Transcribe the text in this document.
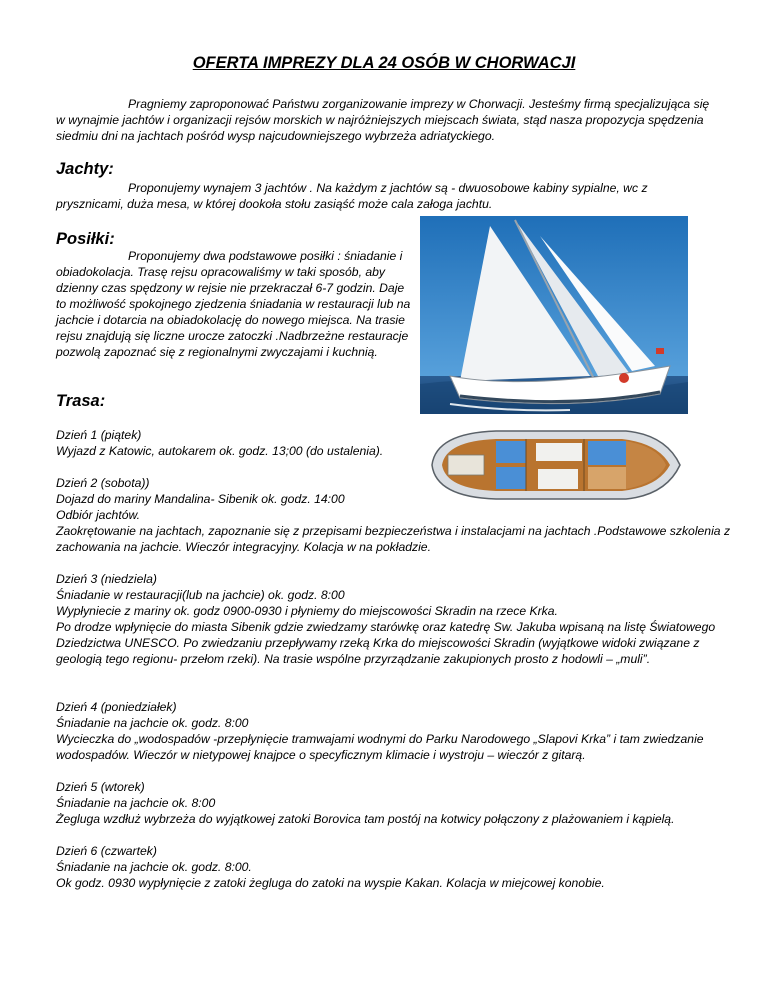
OFERTA IMPREZY DLA 24 OSÓB W CHORWACJI

Pragniemy zaproponować Państwu zorganizowanie imprezy w Chorwacji. Jesteśmy firmą specjalizująca się w wynajmie jachtów i organizacji rejsów morskich w najróżniejszych miejscach świata, stąd nasza propozycja spędzenia siedmiu dni na jachtach pośród wysp najcudowniejszego wybrzeża adriatyckiego.

Jachty:

Proponujemy wynajem 3 jachtów . Na każdym z jachtów są - dwuosobowe kabiny sypialne, wc z prysznicami, duża mesa, w której dookoła stołu zasiąść może cala załoga jachtu.

Posiłki:

Proponujemy dwa podstawowe posiłki : śniadanie i obiadokolacja. Trasę rejsu opracowaliśmy w taki sposób, aby dzienny czas spędzony w rejsie nie przekraczał 6-7 godzin. Daje to możliwość spokojnego zjedzenia śniadania w restauracji lub na jachcie i dotarcia na obiadokolację do nowego miejsca. Na trasie rejsu znajdują się liczne urocze zatoczki .Nadbrzeżne restauracje pozwolą zapoznać się z regionalnymi zwyczajami i kuchnią.

Trasa:
Dzień 1 (piątek)
Wyjazd z Katowic, autokarem ok. godz. 13;00 (do ustalenia).
Dzień 2 (sobota))
Dojazd do mariny Mandalina- Sibenik ok. godz. 14:00
Odbiór jachtów.
Zaokrętowanie na jachtach, zapoznanie się z przepisami bezpieczeństwa i instalacjami na jachtach .Podstawowe szkolenia z zachowania na jachcie. Wieczór integracyjny. Kolacja w na pokładzie.
Dzień 3 (niedziela)
Śniadanie w restauracji(lub na jachcie) ok. godz. 8:00
Wypłyniecie z mariny ok. godz 0900-0930 i płyniemy do miejscowości Skradin na rzece Krka.
Po drodze wpłynięcie do miasta Sibenik gdzie zwiedzamy starówkę oraz katedrę Sw. Jakuba wpisaną na listę Światowego Dziedzictwa UNESCO. Po zwiedzaniu przepływamy rzeką Krka do miejscowości Skradin (wyjątkowe widoki związane z geologią tego regionu- przełom rzeki). Na trasie wspólne przyrządzanie zakupionych prosto z hodowli – „muli”.
Dzień 4 (poniedziałek)
Śniadanie na jachcie ok. godz. 8:00
Wycieczka do „wodospadów -przepłynięcie tramwajami wodnymi do Parku Narodowego „Slapovi Krka” i tam zwiedzanie wodospadów. Wieczór w nietypowej knajpce o specyficznym klimacie i wystroju – wieczór z gitarą.
Dzień 5 (wtorek)
Śniadanie na jachcie ok. 8:00
Żegluga wzdłuż wybrzeża do wyjątkowej zatoki Borovica tam postój na kotwicy połączony z plażowaniem i kąpielą.
Dzień 6 (czwartek)
Śniadanie na jachcie ok. godz. 8:00.
Ok godz. 0930 wypłynięcie z zatoki żegluga do zatoki na wyspie Kakan. Kolacja w miejcowej konobie.
